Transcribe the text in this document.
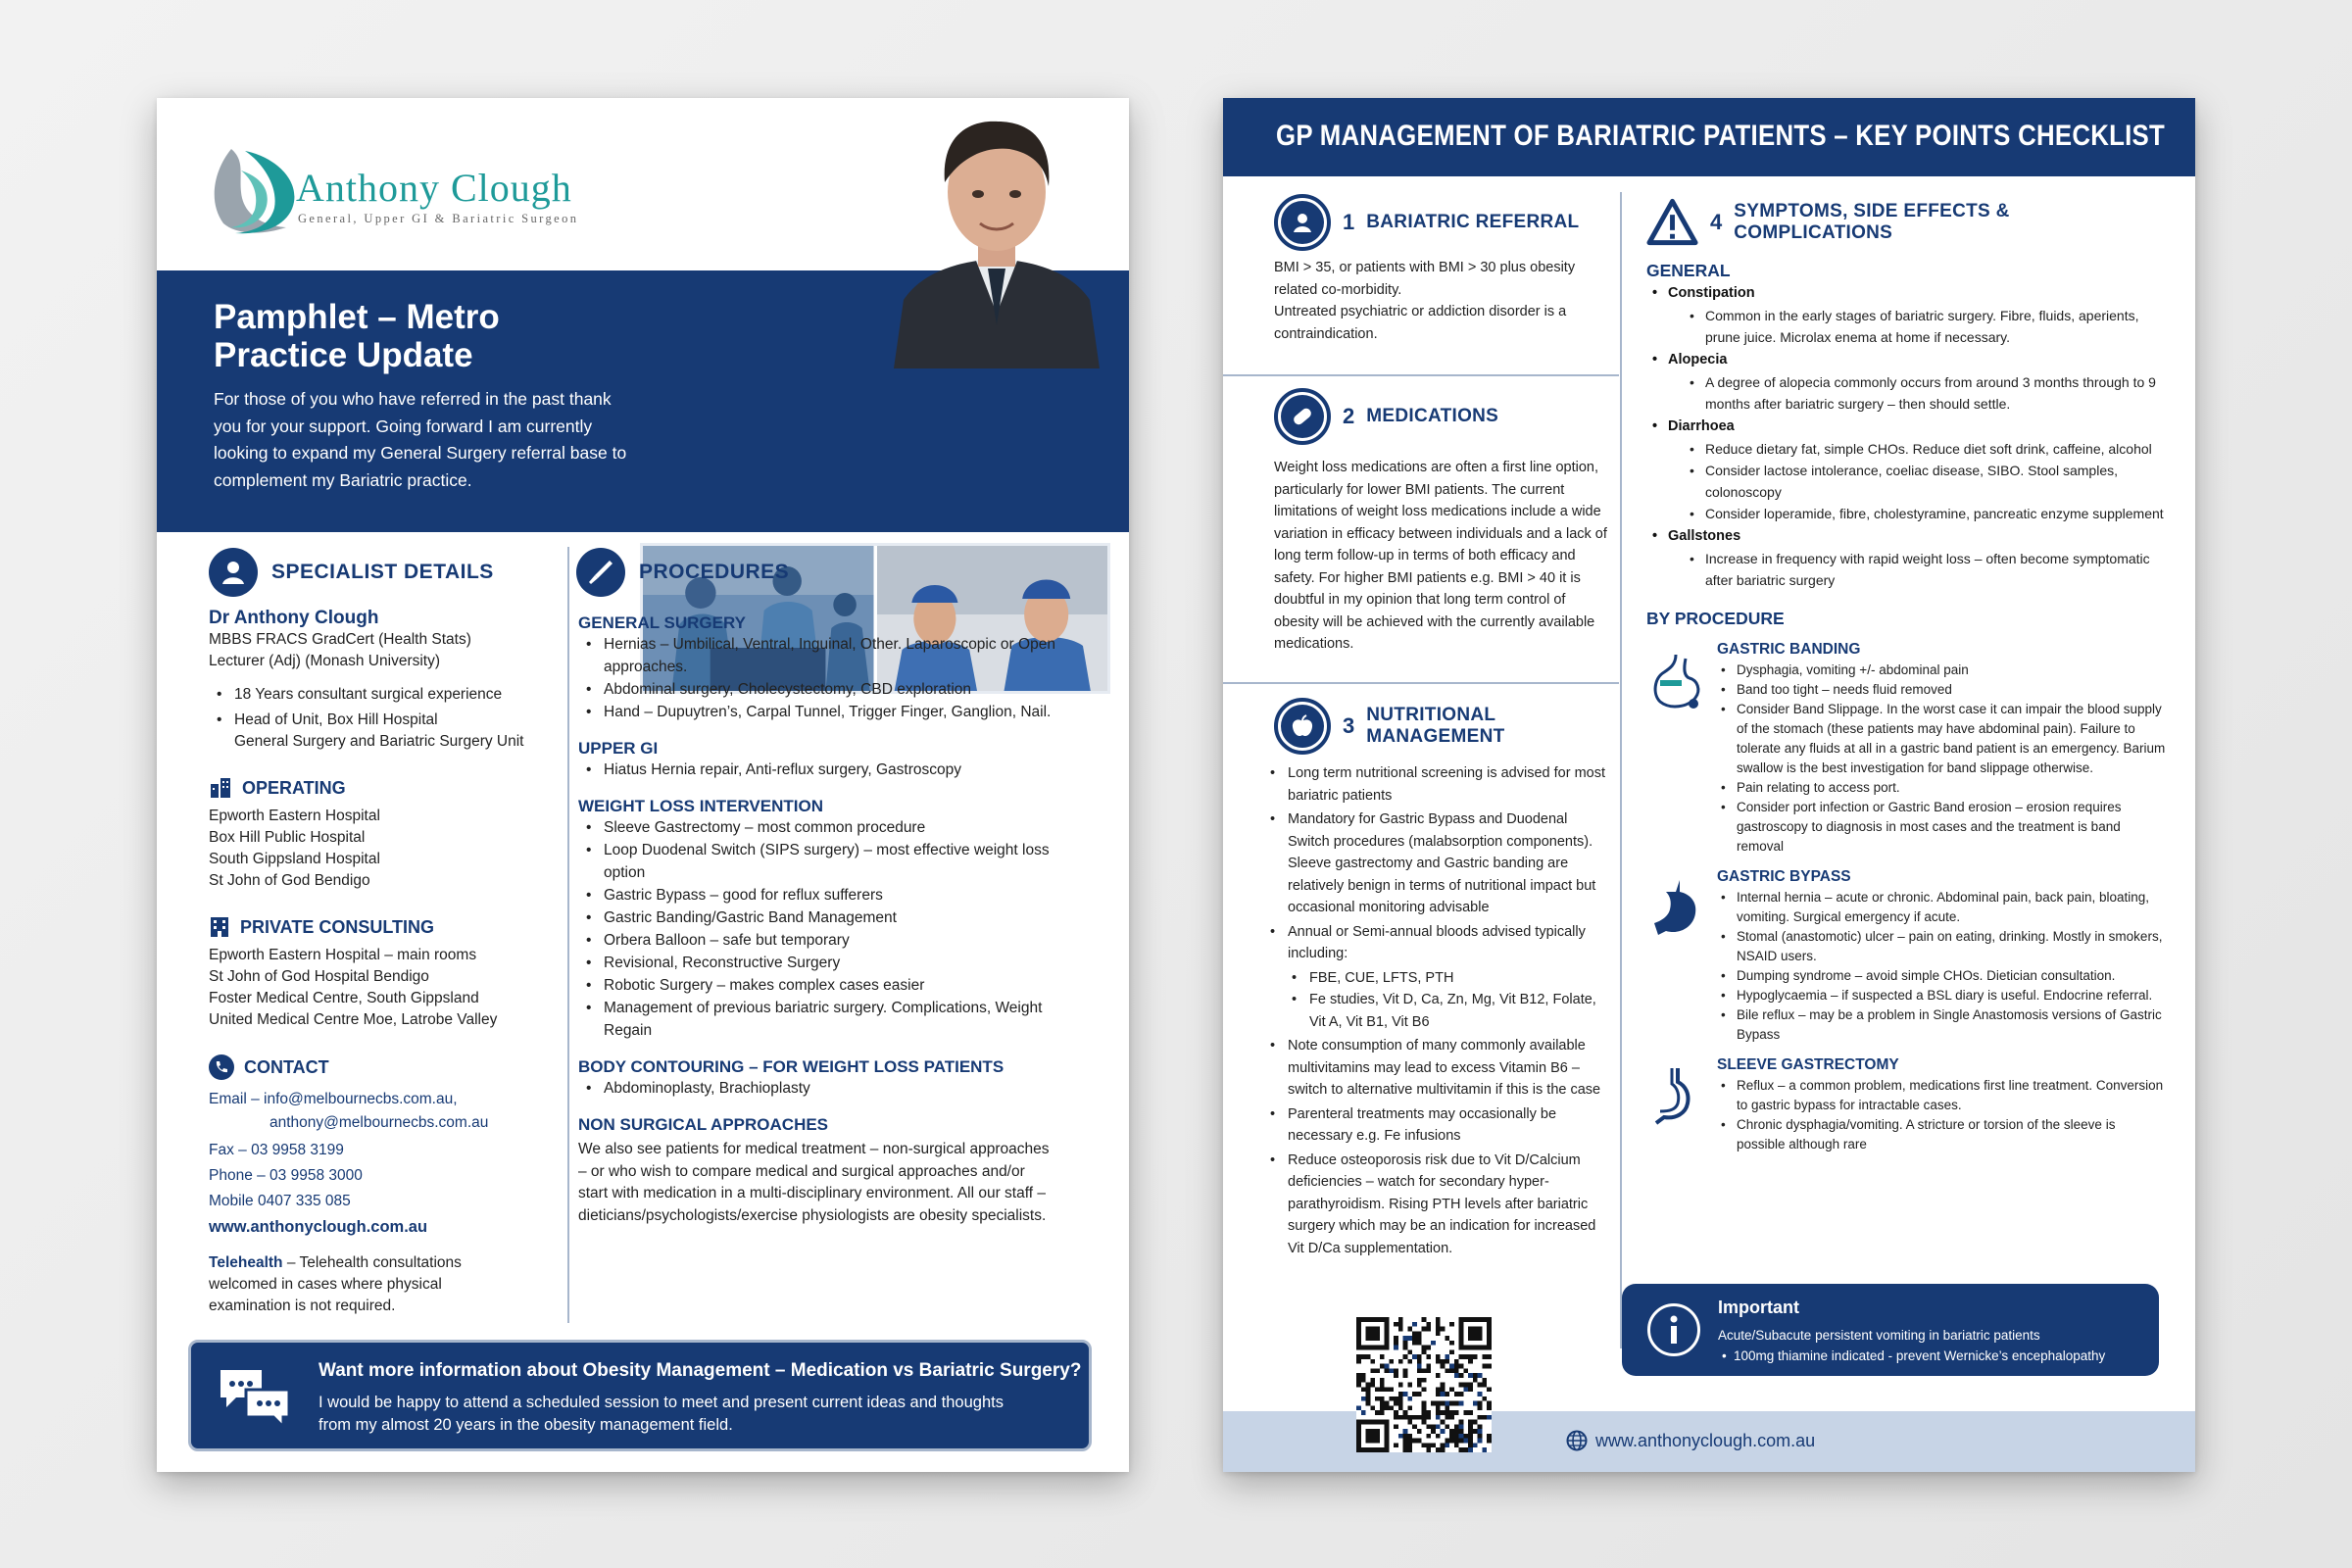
Anthony Clough
General, Upper GI & Bariatric Surgeon
Pamphlet – Metro
Practice Update
For those of you who have referred in the past thank you for your support. Going forward I am currently looking to expand my General Surgery referral base to complement my Bariatric practice.
SPECIALIST DETAILS
Dr Anthony Clough
MBBS FRACS GradCert (Health Stats)
Lecturer (Adj) (Monash University)
• 18 Years consultant surgical experience
• Head of Unit, Box Hill Hospital
General Surgery and Bariatric Surgery Unit
OPERATING
Epworth Eastern Hospital
Box Hill Public Hospital
South Gippsland Hospital
St John of God Bendigo
PRIVATE CONSULTING
Epworth Eastern Hospital – main rooms
St John of God Hospital Bendigo
Foster Medical Centre, South Gippsland
United Medical Centre Moe, Latrobe Valley
CONTACT
Email – info@melbournecbs.com.au,
anthony@melbournecbs.com.au
Fax – 03 9958 3199
Phone – 03 9958 3000
Mobile 0407 335 085
www.anthonyclough.com.au
Telehealth – Telehealth consultations welcomed in cases where physical examination is not required.
PROCEDURES
GENERAL SURGERY
• Hernias – Umbilical, Ventral, Inguinal, Other. Laparoscopic or Open approaches.
• Abdominal surgery, Cholecystectomy, CBD exploration
• Hand – Dupuytren’s, Carpal Tunnel, Trigger Finger, Ganglion, Nail.
UPPER GI
• Hiatus Hernia repair, Anti-reflux surgery, Gastroscopy
WEIGHT LOSS INTERVENTION
• Sleeve Gastrectomy – most common procedure
• Loop Duodenal Switch (SIPS surgery) – most effective weight loss option
• Gastric Bypass – good for reflux sufferers
• Gastric Banding/Gastric Band Management
• Orbera Balloon – safe but temporary
• Revisional, Reconstructive Surgery
• Robotic Surgery – makes complex cases easier
• Management of previous bariatric surgery. Complications, Weight Regain
BODY CONTOURING – FOR WEIGHT LOSS PATIENTS
• Abdominoplasty, Brachioplasty
NON SURGICAL APPROACHES
We also see patients for medical treatment – non-surgical approaches – or who wish to compare medical and surgical approaches and/or start with medication in a multi-disciplinary environment. All our staff – dieticians/psychologists/exercise physiologists are obesity specialists.
Want more information about Obesity Management – Medication vs Bariatric Surgery?
I would be happy to attend a scheduled session to meet and present current ideas and thoughts from my almost 20 years in the obesity management field.
GP MANAGEMENT OF BARIATRIC PATIENTS – KEY POINTS CHECKLIST
1 BARIATRIC REFERRAL
BMI > 35, or patients with BMI > 30 plus obesity related co-morbidity.
Untreated psychiatric or addiction disorder is a contraindication.
2 MEDICATIONS
Weight loss medications are often a first line option, particularly for lower BMI patients. The current limitations of weight loss medications include a wide variation in efficacy between individuals and a lack of long term follow-up in terms of both efficacy and safety. For higher BMI patients e.g. BMI > 40 it is doubtful in my opinion that long term control of obesity will be achieved with the currently available medications.
3 NUTRITIONAL MANAGEMENT
• Long term nutritional screening is advised for most bariatric patients
• Mandatory for Gastric Bypass and Duodenal Switch procedures (malabsorption components). Sleeve gastrectomy and Gastric banding are relatively benign in terms of nutritional impact but occasional monitoring advisable
• Annual or Semi-annual bloods advised typically including:
• FBE, CUE, LFTS, PTH
• Fe studies, Vit D, Ca, Zn, Mg, Vit B12, Folate, Vit A, Vit B1, Vit B6
• Note consumption of many commonly available multivitamins may lead to excess Vitamin B6 – switch to alternative multivitamin if this is the case
• Parenteral treatments may occasionally be necessary e.g. Fe infusions
• Reduce osteoporosis risk due to Vit D/Calcium deficiencies – watch for secondary hyper-parathyroidism. Rising PTH levels after bariatric surgery which may be an indication for increased Vit D/Ca supplementation.
4 SYMPTOMS, SIDE EFFECTS & COMPLICATIONS
GENERAL
• Constipation
• Common in the early stages of bariatric surgery. Fibre, fluids, aperients, prune juice. Microlax enema at home if necessary.
• Alopecia
• A degree of alopecia commonly occurs from around 3 months through to 9 months after bariatric surgery – then should settle.
• Diarrhoea
• Reduce dietary fat, simple CHOs. Reduce diet soft drink, caffeine, alcohol
• Consider lactose intolerance, coeliac disease, SIBO. Stool samples, colonoscopy
• Consider loperamide, fibre, cholestyramine, pancreatic enzyme supplement
• Gallstones
• Increase in frequency with rapid weight loss – often become symptomatic after bariatric surgery
BY PROCEDURE
GASTRIC BANDING
• Dysphagia, vomiting +/- abdominal pain
• Band too tight – needs fluid removed
• Consider Band Slippage. In the worst case it can impair the blood supply of the stomach (these patients may have abdominal pain). Failure to tolerate any fluids at all in a gastric band patient is an emergency. Barium swallow is the best investigation for band slippage otherwise.
• Pain relating to access port.
• Consider port infection or Gastric Band erosion – erosion requires gastroscopy to diagnosis in most cases and the treatment is band removal
GASTRIC BYPASS
• Internal hernia – acute or chronic. Abdominal pain, back pain, bloating, vomiting. Surgical emergency if acute.
• Stomal (anastomotic) ulcer – pain on eating, drinking. Mostly in smokers, NSAID users.
• Dumping syndrome – avoid simple CHOs. Dietician consultation.
• Hypoglycaemia – if suspected a BSL diary is useful. Endocrine referral.
• Bile reflux – may be a problem in Single Anastomosis versions of Gastric Bypass
SLEEVE GASTRECTOMY
• Reflux – a common problem, medications first line treatment. Conversion to gastric bypass for intractable cases.
• Chronic dysphagia/vomiting. A stricture or torsion of the sleeve is possible although rare
Important
Acute/Subacute persistent vomiting in bariatric patients
• 100mg thiamine indicated - prevent Wernicke’s encephalopathy
www.anthonyclough.com.au
